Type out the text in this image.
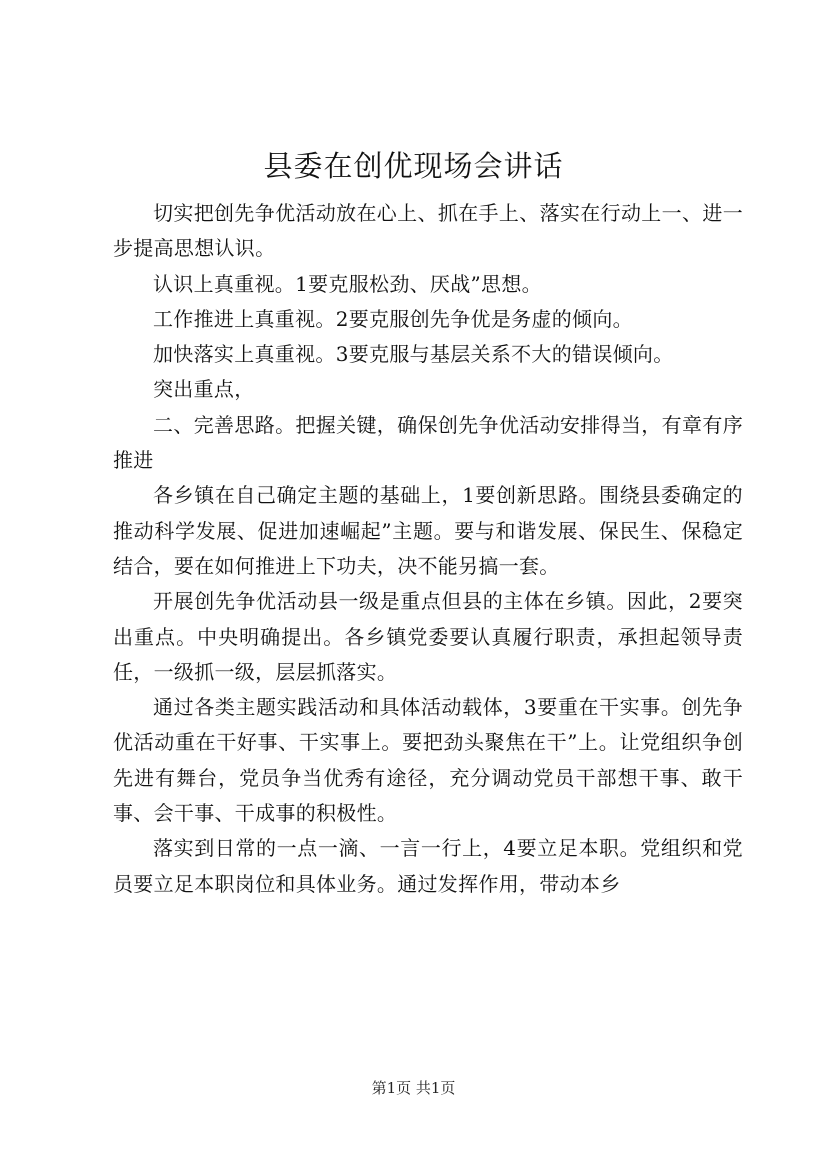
县委在创优现场会讲话

切实把创先争优活动放在心上、抓在手上、落实在行动上一、进一步提高思想认识。

认识上真重视。1要克服松劲、厌战”思想。

工作推进上真重视。2要克服创先争优是务虚的倾向。

加快落实上真重视。3要克服与基层关系不大的错误倾向。

突出重点，

二、完善思路。把握关键，确保创先争优活动安排得当，有章有序推进

各乡镇在自己确定主题的基础上，1要创新思路。围绕县委确定的推动科学发展、促进加速崛起”主题。要与和谐发展、保民生、保稳定结合，要在如何推进上下功夫，决不能另搞一套。

开展创先争优活动县一级是重点但县的主体在乡镇。因此，2要突出重点。中央明确提出。各乡镇党委要认真履行职责，承担起领导责任，一级抓一级，层层抓落实。

通过各类主题实践活动和具体活动载体，3要重在干实事。创先争优活动重在干好事、干实事上。要把劲头聚焦在干”上。让党组织争创先进有舞台，党员争当优秀有途径，充分调动党员干部想干事、敢干事、会干事、干成事的积极性。

落实到日常的一点一滴、一言一行上，4要立足本职。党组织和党员要立足本职岗位和具体业务。通过发挥作用，带动本乡

第1页 共1页
